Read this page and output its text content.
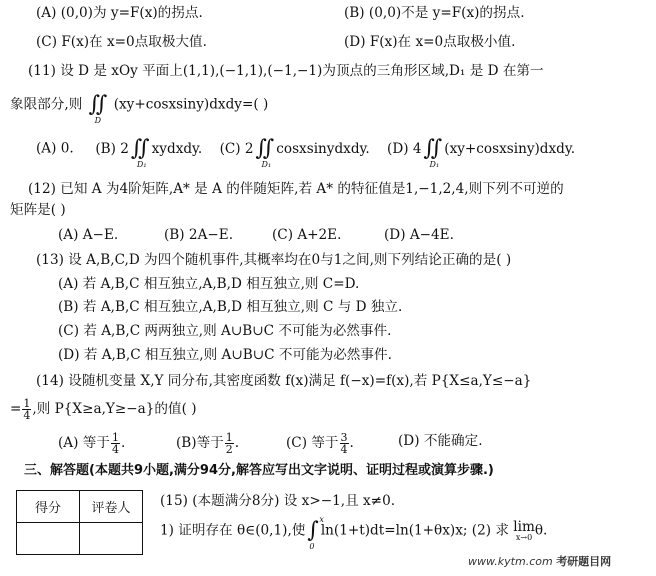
(A) (0,0)为 y=F(x)的拐点.	(B) (0,0)不是 y=F(x)的拐点.
(C) F(x)在 x=0点取极大值.	(D) F(x)在 x=0点取极小值.
(11) 设 D 是 xOy 平面上(1,1),(−1,1),(−1,−1)为顶点的三角形区域,D₁ 是 D 在第一
象限部分,则 ∬
D
(xy+cosxsiny)dxdy=( )
(A) 0. (B) 2∬
D₁
xydxdy. (C) 2∬
D₁
cosxsinydxdy. (D) 4∬
D₁
(xy+cosxsiny)dxdy.
(12) 已知 A 为4阶矩阵,A* 是 A 的伴随矩阵,若 A* 的特征值是1,−1,2,4,则下列不可逆的
矩阵是( )
(A) A−E.	(B) 2A−E.	(C) A+2E.	(D) A−4E.
(13) 设 A,B,C,D 为四个随机事件,其概率均在0与1之间,则下列结论正确的是( )
(A) 若 A,B,C 相互独立,A,B,D 相互独立,则 C=D.
(B) 若 A,B,C 相互独立,A,B,D 相互独立,则 C 与 D 独立.
(C) 若 A,B,C 两两独立,则 A∪B∪C 不可能为必然事件.
(D) 若 A,B,C 相互独立,则 A∪B∪C 不可能为必然事件.
(14) 设随机变量 X,Y 同分布,其密度函数 f(x)满足 f(−x)=f(x),若 P{X≤a,Y≤−a}
= $\frac{1}{4}$ ,则 P{X≥a,Y≥−a}的值( )
(A) 等于 $\frac{1}{4}$ .	(B)等于 $\frac{1}{2}$ .	(C) 等于 $\frac{3}{4}$ .	(D) 不能确定.
三、解答题(本题共9小题,满分94分,解答应写出文字说明、证明过程或演算步骤.)
得分	评卷人
	(15) (本题满分8分) 设 x>−1,且 x≠0.
1) 证明存在 θ∈(0,1),使∫ x
0
ln(1+t)dt=ln(1+θx)x; (2) 求 lim
x→0 θ.
www.kytm.com 考研题目网
